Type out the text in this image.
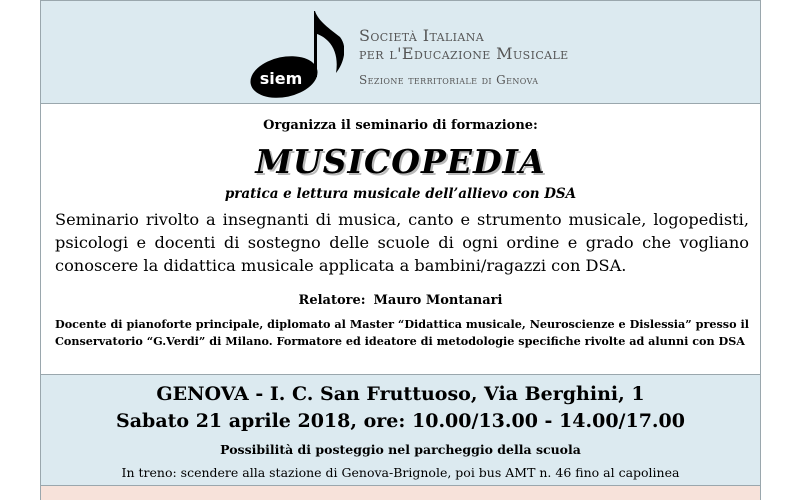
siem
Società Italiana
per l'Educazione Musicale
Sezione territoriale di Genova
Organizza il seminario di formazione:
MUSICOPEDIA
pratica e lettura musicale dell’allievo con DSA
Seminario rivolto a insegnanti di musica, canto e strumento musicale, logopedisti, psicologi e docenti di sostegno delle scuole di ogni ordine e grado che vogliano conoscere la didattica musicale applicata a bambini/ragazzi con DSA.
Relatore: Mauro Montanari
Docente di pianoforte principale, diplomato al Master “Didattica musicale, Neuroscienze e Dislessia” presso il Conservatorio “G.Verdi” di Milano. Formatore ed ideatore di metodologie specifiche rivolte ad alunni con DSA
GENOVA - I. C. San Fruttuoso, Via Berghini, 1
Sabato 21 aprile 2018, ore: 10.00/13.00 - 14.00/17.00
Possibilità di posteggio nel parcheggio della scuola
In treno: scendere alla stazione di Genova-Brignole, poi bus AMT n. 46 fino al capolinea
